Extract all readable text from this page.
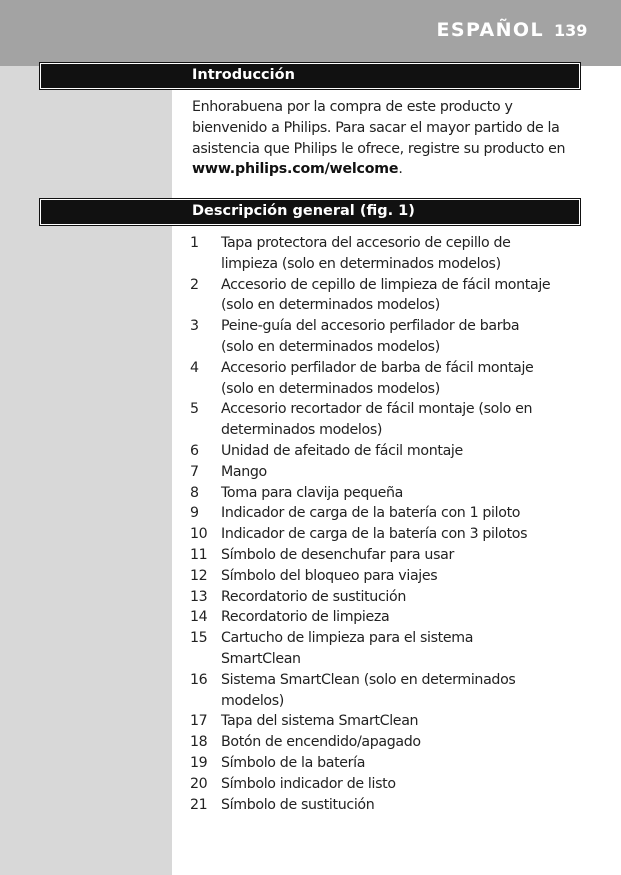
ESPAÑOL 139
Introducción
Enhorabuena por la compra de este producto y bienvenido a Philips. Para sacar el mayor partido de la asistencia que Philips le ofrece, registre su producto en www.philips.com/welcome.
Descripción general (fig. 1)
1	Tapa protectora del accesorio de cepillo de
limpieza (solo en determinados modelos)
2	Accesorio de cepillo de limpieza de fácil montaje
(solo en determinados modelos)
3	Peine-guía del accesorio perfilador de barba
(solo en determinados modelos)
4	Accesorio perfilador de barba de fácil montaje
(solo en determinados modelos)
5	Accesorio recortador de fácil montaje (solo en
determinados modelos)
6	Unidad de afeitado de fácil montaje
7	Mango
8	Toma para clavija pequeña
9	Indicador de carga de la batería con 1 piloto
10 Indicador de carga de la batería con 3 pilotos
11 Símbolo de desenchufar para usar
12 Símbolo del bloqueo para viajes
13 Recordatorio de sustitución
14 Recordatorio de limpieza
15 Cartucho de limpieza para el sistema
SmartClean
16 Sistema SmartClean (solo en determinados
modelos)
17 Tapa del sistema SmartClean
18 Botón de encendido/apagado
19 Símbolo de la batería
20 Símbolo indicador de listo
21 Símbolo de sustitución
